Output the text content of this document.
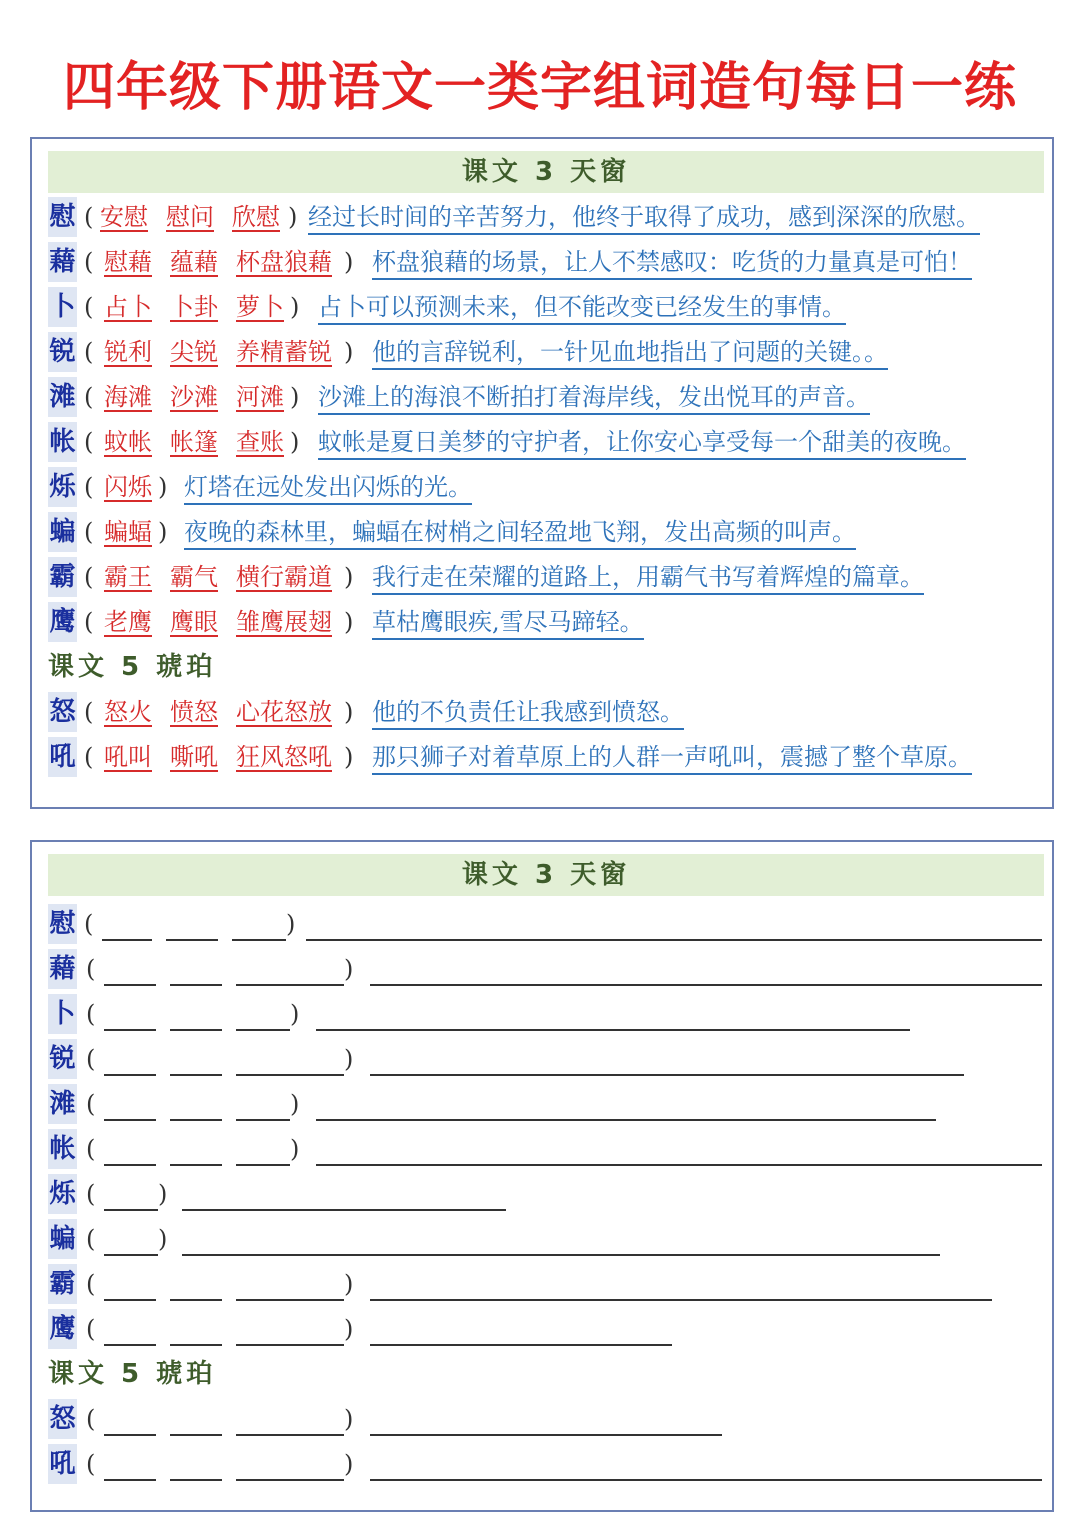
四年级下册语文一类字组词造句每日一练
课文 3 天窗
慰 ( 安慰 慰问 欣慰 ) 经过长时间的辛苦努力，他终于取得了成功，感到深深的欣慰。
藉 ( 慰藉 蕴藉 杯盘狼藉 ) 杯盘狼藉的场景，让人不禁感叹：吃货的力量真是可怕！
卜 ( 占卜 卜卦 萝卜 ) 占卜可以预测未来，但不能改变已经发生的事情。
锐 ( 锐利 尖锐 养精蓄锐 ) 他的言辞锐利，一针见血地指出了问题的关键。。
滩 ( 海滩 沙滩 河滩 ) 沙滩上的海浪不断拍打着海岸线，发出悦耳的声音。
帐 ( 蚊帐 帐篷 查账 ) 蚊帐是夏日美梦的守护者，让你安心享受每一个甜美的夜晚。
烁 ( 闪烁 ) 灯塔在远处发出闪烁的光。
蝙 ( 蝙蝠 ) 夜晚的森林里，蝙蝠在树梢之间轻盈地飞翔，发出高频的叫声。
霸 ( 霸王 霸气 横行霸道 ) 我行走在荣耀的道路上，用霸气书写着辉煌的篇章。
鹰 ( 老鹰 鹰眼 雏鹰展翅 ) 草枯鹰眼疾,雪尽马蹄轻。
课文 5 琥珀
怒 ( 怒火 愤怒 心花怒放 ) 他的不负责任让我感到愤怒。
吼 ( 吼叫 嘶吼 狂风怒吼 ) 那只狮子对着草原上的人群一声吼叫，震撼了整个草原。
课文 3 天窗
慰 (	)
藉 (	)
卜 (	)
锐 (	)
滩 (	)
帐 (	)
烁 (	)
蝙 (	)
霸 (	)
鹰 (	)
课文 5 琥珀
怒 (	)
吼 (	)
